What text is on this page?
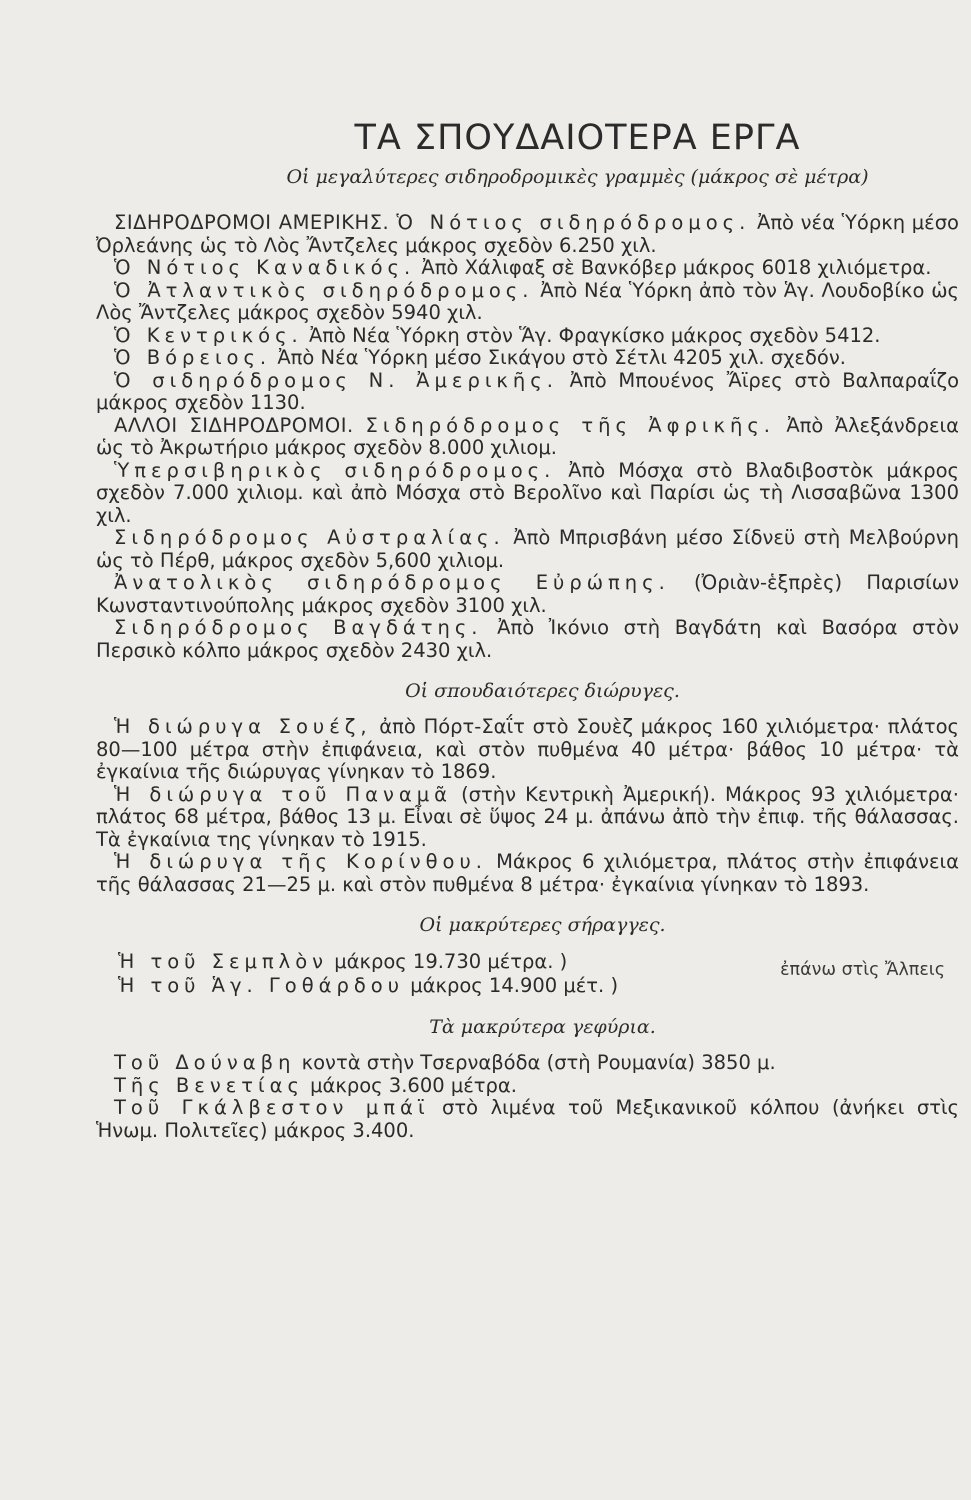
ΤΑ ΣΠΟΥΔΑΙΟΤΕΡΑ ΕΡΓΑ

Οἱ μεγαλύτερες σιδηροδρομικὲς γραμμὲς (μάκρος σὲ μέτρα)

ΣΙΔΗΡΟΔΡΟΜΟΙ ΑΜΕΡΙΚΗΣ. Ὁ Νότιος σιδηρόδρομος. Ἀπὸ νέα Ὑόρκη μέσο Ὀρλεάνης ὡς τὸ Λὸς Ἄντζελες μάκρος σχεδὸν 6.250 χιλ.

Ὁ Νότιος Καναδικός. Ἀπὸ Χάλιφαξ σὲ Βανκόβερ μάκρος 6018 χιλιόμετρα.

Ὁ Ἀτλαντικὸς σιδηρόδρομος. Ἀπὸ Νέα Ὑόρκη ἀπὸ τὸν Ἁγ. Λουδοβίκο ὡς Λὸς Ἄντζελες μάκρος σχεδὸν 5940 χιλ.

Ὁ Κεντρικός. Ἀπὸ Νέα Ὑόρκη στὸν Ἅγ. Φραγκίσκο μάκρος σχεδὸν 5412.

Ὁ Βόρειος. Ἀπὸ Νέα Ὑόρκη μέσο Σικάγου στὸ Σέτλι 4205 χιλ. σχεδόν.

Ὁ σιδηρόδρομος Ν. Ἀμερικῆς. Ἀπὸ Μπουένος Ἄϊρες στὸ Βαλπαραΐζο μάκρος σχεδὸν 1130.

ΑΛΛΟΙ ΣΙΔΗΡΟΔΡΟΜΟΙ. Σιδηρόδρομος τῆς Ἀφρικῆς. Ἀπὸ Ἀλεξάνδρεια ὡς τὸ Ἀκρωτήριο μάκρος σχεδὸν 8.000 χιλιομ.

Ὑπερσιβηρικὸς σιδηρόδρομος. Ἀπὸ Μόσχα στὸ Βλαδιβοστὸκ μάκρος σχεδὸν 7.000 χιλιομ. καὶ ἀπὸ Μόσχα στὸ Βερολῖνο καὶ Παρίσι ὡς τὴ Λισσαβῶνα 1300 χιλ.

Σιδηρόδρομος Αὐστραλίας. Ἀπὸ Μπρισβάνη μέσο Σίδνεϋ στὴ Μελβούρνη ὡς τὸ Πέρθ, μάκρος σχεδὸν 5,600 χιλιομ.

Ἀνατολικὸς σιδηρόδρομος Εὐρώπης. (Ὀριὰν-ἑξπρὲς) Παρισίων Κωνσταντινούπολης μάκρος σχεδὸν 3100 χιλ.

Σιδηρόδρομος Βαγδάτης. Ἀπὸ Ἰκόνιο στὴ Βαγδάτη καὶ Βασόρα στὸν Περσικὸ κόλπο μάκρος σχεδὸν 2430 χιλ.

Οἱ σπουδαιότερες διώρυγες.

Ἡ διώρυγα Σουέζ, ἀπὸ Πόρτ-Σαΐτ στὸ Σουὲζ μάκρος 160 χιλιόμετρα· πλάτος 80—100 μέτρα στὴν ἐπιφάνεια, καὶ στὸν πυθμένα 40 μέτρα· βάθος 10 μέτρα· τὰ ἐγκαίνια τῆς διώρυγας γίνηκαν τὸ 1869.

Ἡ διώρυγα τοῦ Παναμᾶ (στὴν Κεντρικὴ Ἀμερική). Μάκρος 93 χιλιόμετρα· πλάτος 68 μέτρα, βάθος 13 μ. Εἶναι σὲ ὕψος 24 μ. ἀπάνω ἀπὸ τὴν ἐπιφ. τῆς θάλασσας. Τὰ ἐγκαίνια της γίνηκαν τὸ 1915.

Ἡ διώρυγα τῆς Κορίνθου. Μάκρος 6 χιλιόμετρα, πλάτος στὴν ἐπιφάνεια τῆς θάλασσας 21—25 μ. καὶ στὸν πυθμένα 8 μέτρα· ἐγκαίνια γίνηκαν τὸ 1893.

Οἱ μακρύτερες σήραγγες.

Ἡ τοῦ Σεμπλὸν μάκρος 19.730 μέτρα. )
Ἡ τοῦ Ἁγ. Γοθάρδου μάκρος 14.900 μέτ. )
ἐπάνω στὶς Ἄλπεις

Τὰ μακρύτερα γεφύρια.

Τοῦ Δούναβη κοντὰ στὴν Τσερναβόδα (στὴ Ρουμανία) 3850 μ.

Τῆς Βενετίας μάκρος 3.600 μέτρα.

Τοῦ Γκάλβεστον μπάϊ στὸ λιμένα τοῦ Μεξικανικοῦ κόλπου (ἀνήκει στὶς Ἡνωμ. Πολιτεῖες) μάκρος 3.400.
